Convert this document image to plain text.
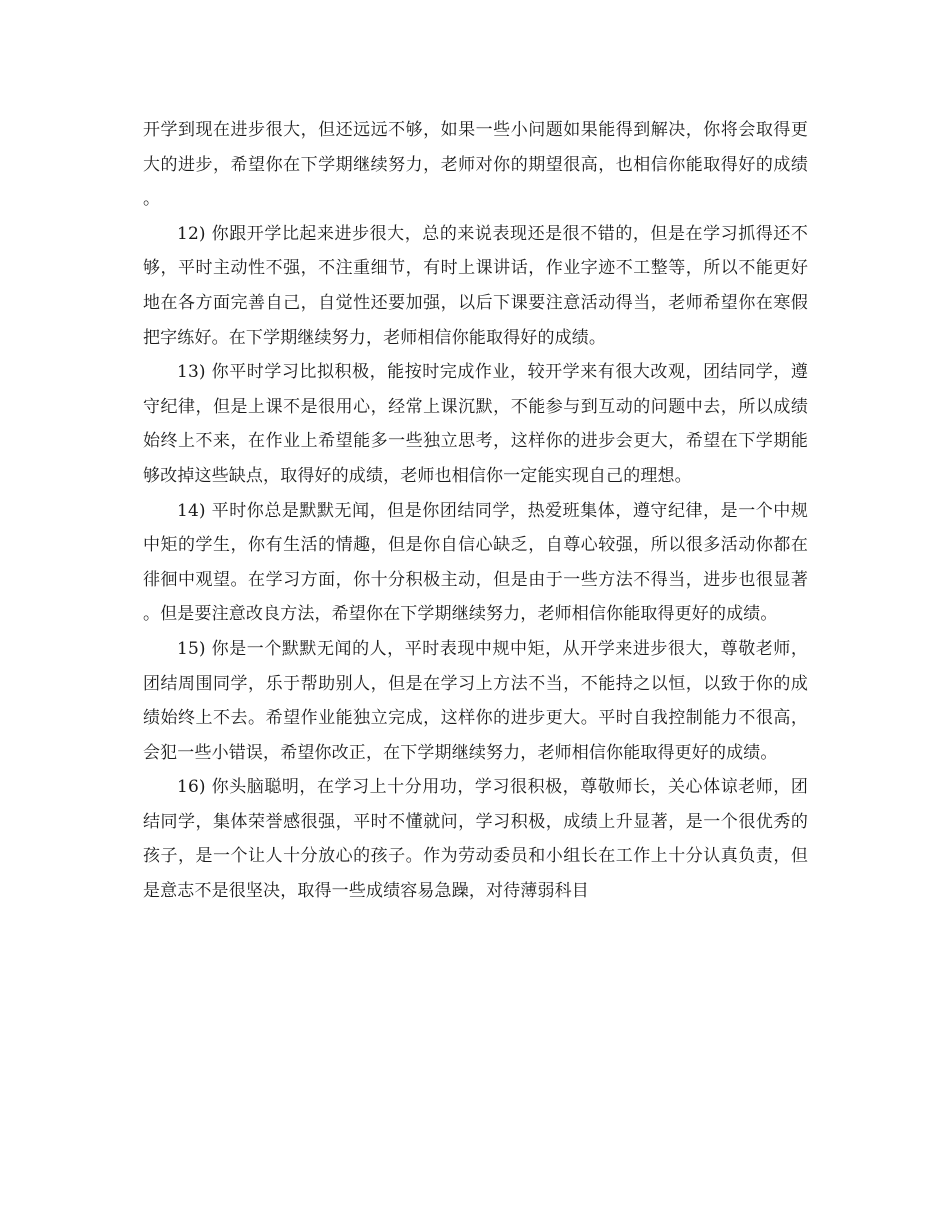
开学到现在进步很大，但还远远不够，如果一些小问题如果能得到解决，你将会取得更大的进步，希望你在下学期继续努力，老师对你的期望很高，也相信你能取得好的成绩。

12) 你跟开学比起来进步很大，总的来说表现还是很不错的，但是在学习抓得还不够，平时主动性不强，不注重细节，有时上课讲话，作业字迹不工整等，所以不能更好地在各方面完善自己，自觉性还要加强，以后下课要注意活动得当，老师希望你在寒假把字练好。在下学期继续努力，老师相信你能取得好的成绩。

13) 你平时学习比拟积极，能按时完成作业，较开学来有很大改观，团结同学，遵守纪律，但是上课不是很用心，经常上课沉默，不能参与到互动的问题中去，所以成绩始终上不来，在作业上希望能多一些独立思考，这样你的进步会更大，希望在下学期能够改掉这些缺点，取得好的成绩，老师也相信你一定能实现自己的理想。

14) 平时你总是默默无闻，但是你团结同学，热爱班集体，遵守纪律，是一个中规中矩的学生，你有生活的情趣，但是你自信心缺乏，自尊心较强，所以很多活动你都在徘徊中观望。在学习方面，你十分积极主动，但是由于一些方法不得当，进步也很显著。但是要注意改良方法，希望你在下学期继续努力，老师相信你能取得更好的成绩。

15) 你是一个默默无闻的人，平时表现中规中矩，从开学来进步很大，尊敬老师，团结周围同学，乐于帮助别人，但是在学习上方法不当，不能持之以恒，以致于你的成绩始终上不去。希望作业能独立完成，这样你的进步更大。平时自我控制能力不很高，会犯一些小错误，希望你改正，在下学期继续努力，老师相信你能取得更好的成绩。

16) 你头脑聪明，在学习上十分用功，学习很积极，尊敬师长，关心体谅老师，团结同学，集体荣誉感很强，平时不懂就问，学习积极，成绩上升显著，是一个很优秀的孩子，是一个让人十分放心的孩子。作为劳动委员和小组长在工作上十分认真负责，但是意志不是很坚决，取得一些成绩容易急躁，对待薄弱科目
